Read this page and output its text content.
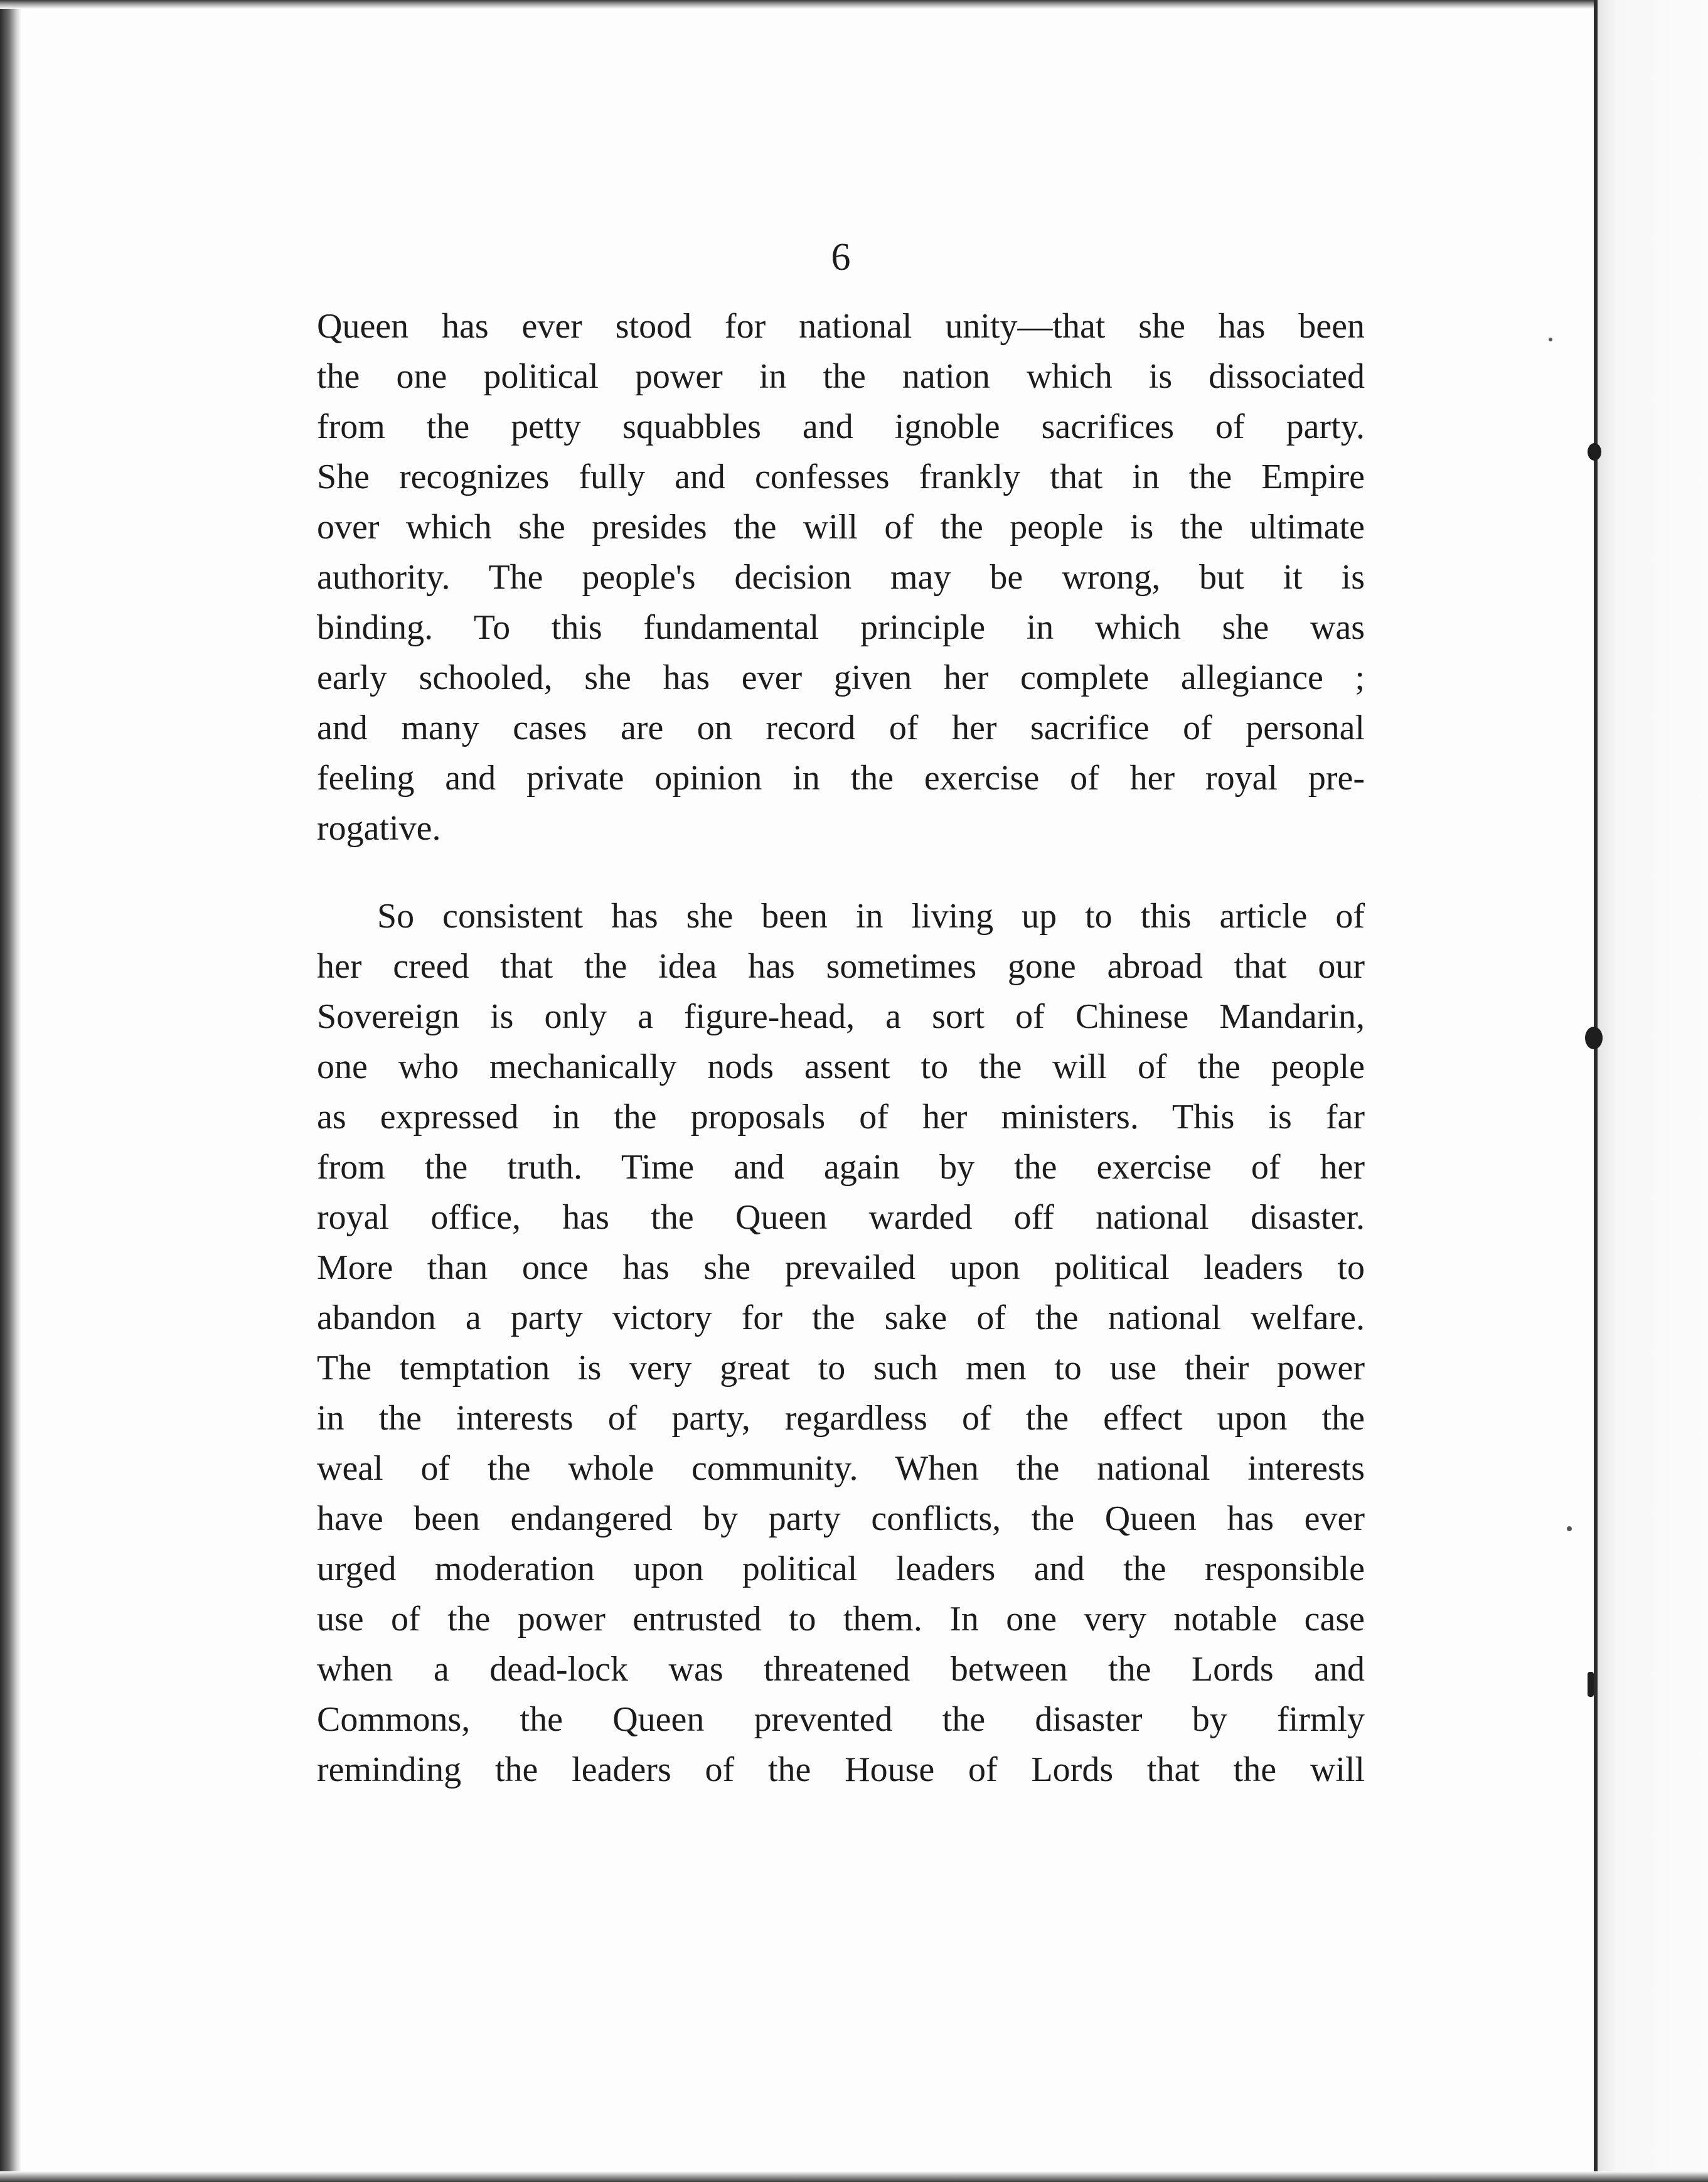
6

Queen has ever stood for national unity—that she has been
the one political power in the nation which is dissociated
from the petty squabbles and ignoble sacrifices of party.
She recognizes fully and confesses frankly that in the Empire
over which she presides the will of the people is the ultimate
authority. The people's decision may be wrong, but it is
binding. To this fundamental principle in which she was
early schooled, she has ever given her complete allegiance ;
and many cases are on record of her sacrifice of personal
feeling and private opinion in the exercise of her royal pre-
rogative.

So consistent has she been in living up to this article of
her creed that the idea has sometimes gone abroad that our
Sovereign is only a figure-head, a sort of Chinese Mandarin,
one who mechanically nods assent to the will of the people
as expressed in the proposals of her ministers. This is far
from the truth. Time and again by the exercise of her
royal office, has the Queen warded off national disaster.
More than once has she prevailed upon political leaders to
abandon a party victory for the sake of the national welfare.
The temptation is very great to such men to use their power
in the interests of party, regardless of the effect upon the
weal of the whole community. When the national interests
have been endangered by party conflicts, the Queen has ever
urged moderation upon political leaders and the responsible
use of the power entrusted to them. In one very notable case
when a dead-lock was threatened between the Lords and
Commons, the Queen prevented the disaster by firmly
reminding the leaders of the House of Lords that the will
